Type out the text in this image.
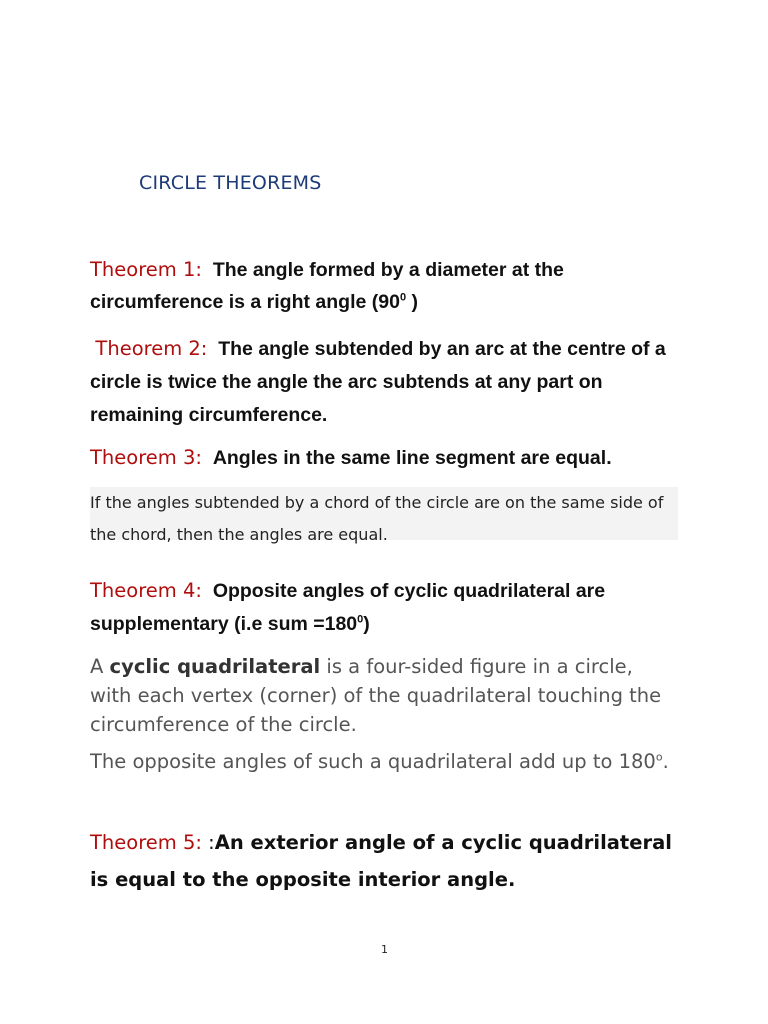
CIRCLE THEOREMS
Theorem 1: The angle formed by a diameter at the circumference is a right angle ($90^0$ )
Theorem 2: The angle subtended by an arc at the centre of a circle is twice the angle the arc subtends at any part on remaining circumference.
Theorem 3: Angles in the same line segment are equal.
If the angles subtended by a chord of the circle are on the same side of the chord, then the angles are equal.
Theorem 4: Opposite angles of cyclic quadrilateral are supplementary (i.e sum $=180^0$)
A cyclic quadrilateral is a four-sided figure in a circle, with each vertex (corner) of the quadrilateral touching the circumference of the circle.
The opposite angles of such a quadrilateral add up to 180$^o$.
Theorem 5: :An exterior angle of a cyclic quadrilateral is equal to the opposite interior angle.
1
